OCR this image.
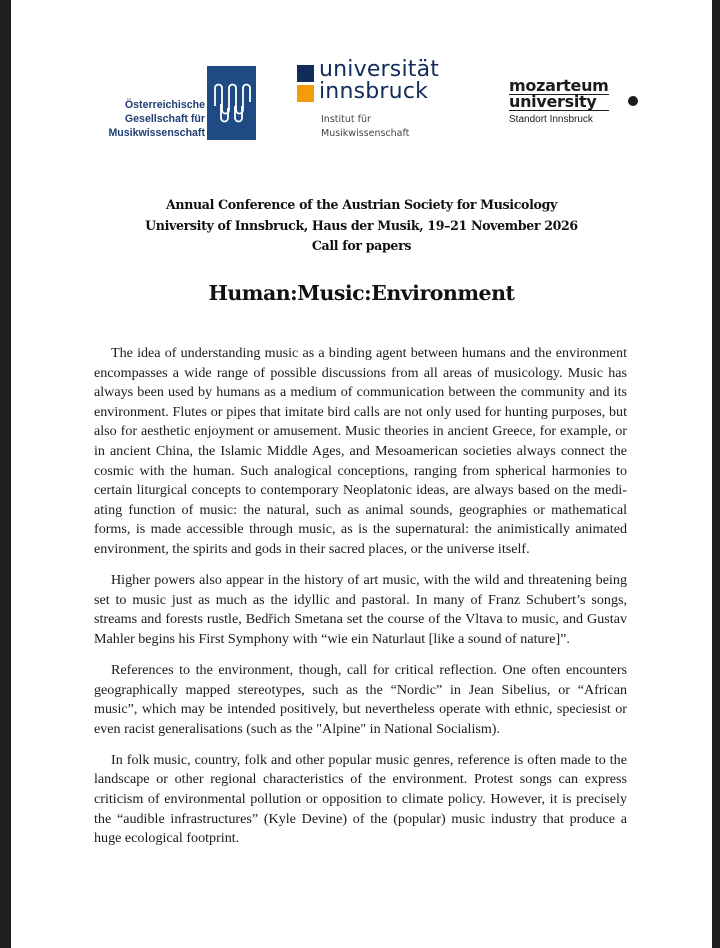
Österreichische
Gesellschaft für
Musikwissenschaft
universität
innsbruck
Institut für
Musikwissenschaft
mozarteum
university
Standort Innsbruck
Annual Conference of the Austrian Society for Musicology
University of Innsbruck, Haus der Musik, 19–21 November 2026
Call for papers
Human:Music:Environment

The idea of understanding music as a binding agent between humans and the environment encompasses a wide range of possible discussions from all areas of musicology. Music has always been used by humans as a medium of communication between the community and its environment. Flutes or pipes that imitate bird calls are not only used for hunting purposes, but also for aesthetic enjoyment or amusement. Music theories in ancient Greece, for example, or in ancient China, the Islamic Middle Ages, and Mesoamerican societies always connect the cosmic with the human. Such analogical conceptions, ranging from spherical harmonies to certain liturgical concepts to contemporary Neoplatonic ideas, are always based on the mediating function of music: the natural, such as animal sounds, geographies or mathematical forms, is made accessible through music, as is the supernatural: the animistically animated environment, the spirits and gods in their sacred places, or the universe itself.

Higher powers also appear in the history of art music, with the wild and threatening being set to music just as much as the idyllic and pastoral. In many of Franz Schubert’s songs, streams and forests rustle, Bedřich Smetana set the course of the Vltava to music, and Gustav Mahler begins his First Symphony with “wie ein Naturlaut [like a sound of nature]”.

References to the environment, though, call for critical reflection. One often encounters geographically mapped stereotypes, such as the “Nordic” in Jean Sibelius, or “African music”, which may be intended positively, but nevertheless operate with ethnic, speciesist or even racist generalisations (such as the "Alpine" in National Socialism).

In folk music, country, folk and other popular music genres, reference is often made to the landscape or other regional characteristics of the environment. Protest songs can express criticism of environmental pollution or opposition to climate policy. However, it is precisely the “audible infrastructures” (Kyle Devine) of the (popular) music industry that produce a huge ecological footprint.
